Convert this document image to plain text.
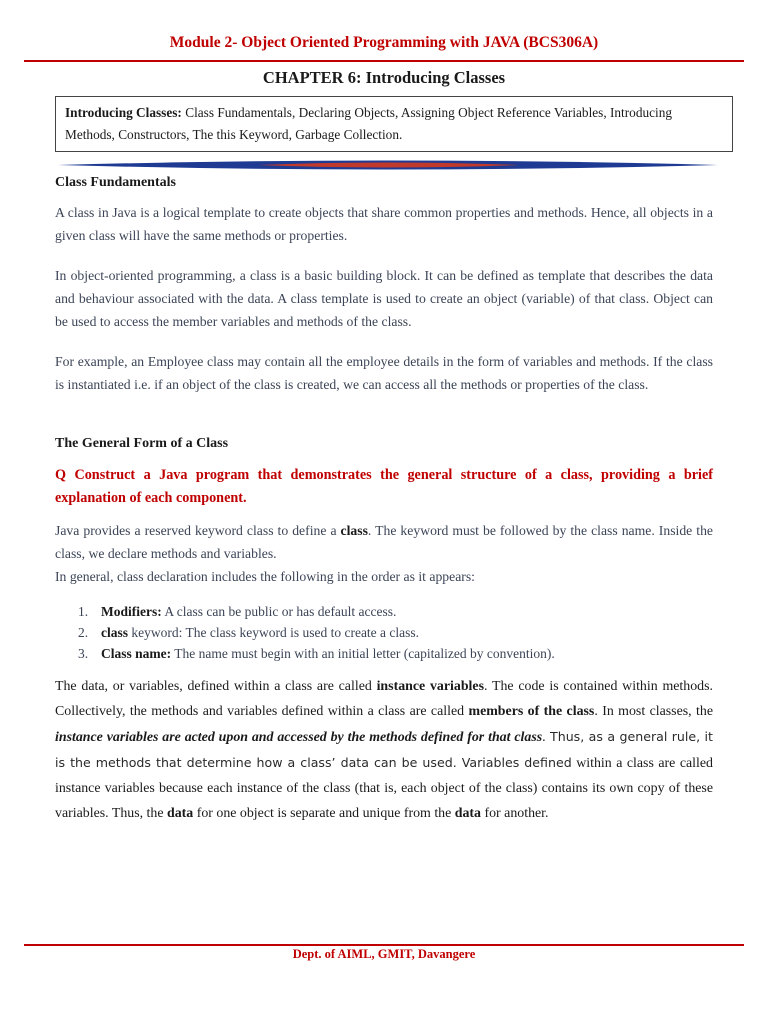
Module 2- Object Oriented Programming with JAVA (BCS306A)
CHAPTER 6: Introducing Classes
Introducing Classes: Class Fundamentals, Declaring Objects, Assigning Object Reference Variables, Introducing Methods, Constructors, The this Keyword, Garbage Collection.
Class Fundamentals
A class in Java is a logical template to create objects that share common properties and methods. Hence, all objects in a given class will have the same methods or properties.
In object-oriented programming, a class is a basic building block. It can be defined as template that describes the data and behaviour associated with the data. A class template is used to create an object (variable) of that class. Object can be used to access the member variables and methods of the class.
For example, an Employee class may contain all the employee details in the form of variables and methods. If the class is instantiated i.e. if an object of the class is created, we can access all the methods or properties of the class.
The General Form of a Class
Q Construct a Java program that demonstrates the general structure of a class, providing a brief explanation of each component.
Java provides a reserved keyword class to define a class. The keyword must be followed by the class name. Inside the class, we declare methods and variables.
In general, class declaration includes the following in the order as it appears:
1. Modifiers: A class can be public or has default access.
2. class keyword: The class keyword is used to create a class.
3. Class name: The name must begin with an initial letter (capitalized by convention).
The data, or variables, defined within a class are called instance variables. The code is contained within methods. Collectively, the methods and variables defined within a class are called members of the class. In most classes, the instance variables are acted upon and accessed by the methods defined for that class. Thus, as a general rule, it is the methods that determine how a class’ data can be used. Variables defined within a class are called instance variables because each instance of the class (that is, each object of the class) contains its own copy of these variables. Thus, the data for one object is separate and unique from the data for another.
Dept. of AIML, GMIT, Davangere
